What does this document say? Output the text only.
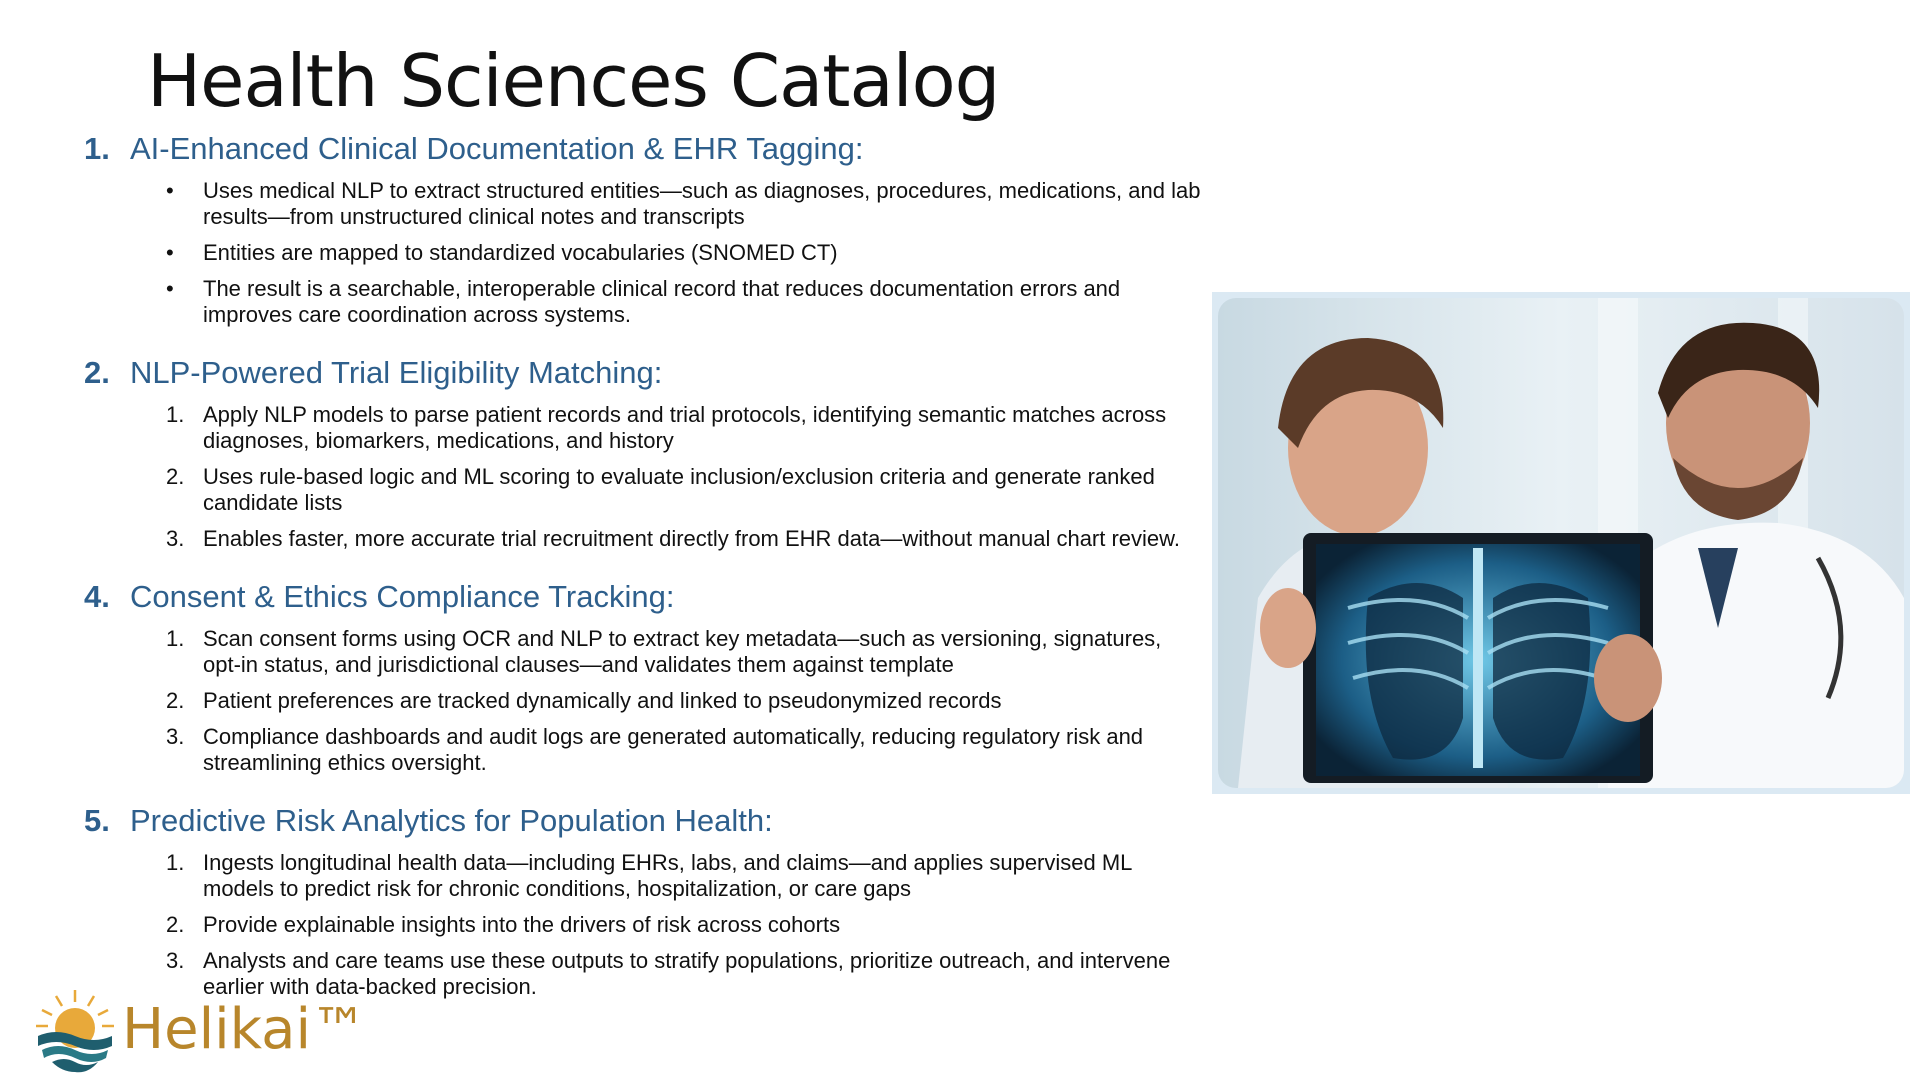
Health Sciences Catalog
1. AI-Enhanced Clinical Documentation & EHR Tagging:
•	Uses medical NLP to extract structured entities—such as diagnoses, procedures, medications, and lab results—from unstructured clinical notes and transcripts
•	Entities are mapped to standardized vocabularies (SNOMED CT)
•	The result is a searchable, interoperable clinical record that reduces documentation errors and improves care coordination across systems.
2. NLP-Powered Trial Eligibility Matching:
1. Apply NLP models to parse patient records and trial protocols, identifying semantic matches across diagnoses, biomarkers, medications, and history
2. Uses rule-based logic and ML scoring to evaluate inclusion/exclusion criteria and generate ranked candidate lists
3. Enables faster, more accurate trial recruitment directly from EHR data—without manual chart review.
4. Consent & Ethics Compliance Tracking:
1. Scan consent forms using OCR and NLP to extract key metadata—such as versioning, signatures, opt-in status, and jurisdictional clauses—and validates them against template
2. Patient preferences are tracked dynamically and linked to pseudonymized records
3. Compliance dashboards and audit logs are generated automatically, reducing regulatory risk and streamlining ethics oversight.
5. Predictive Risk Analytics for Population Health:
1. Ingests longitudinal health data—including EHRs, labs, and claims—and applies supervised ML models to predict risk for chronic conditions, hospitalization, or care gaps
2. Provide explainable insights into the drivers of risk across cohorts
3. Analysts and care teams use these outputs to stratify populations, prioritize outreach, and intervene earlier with data-backed precision.
Helikai™
